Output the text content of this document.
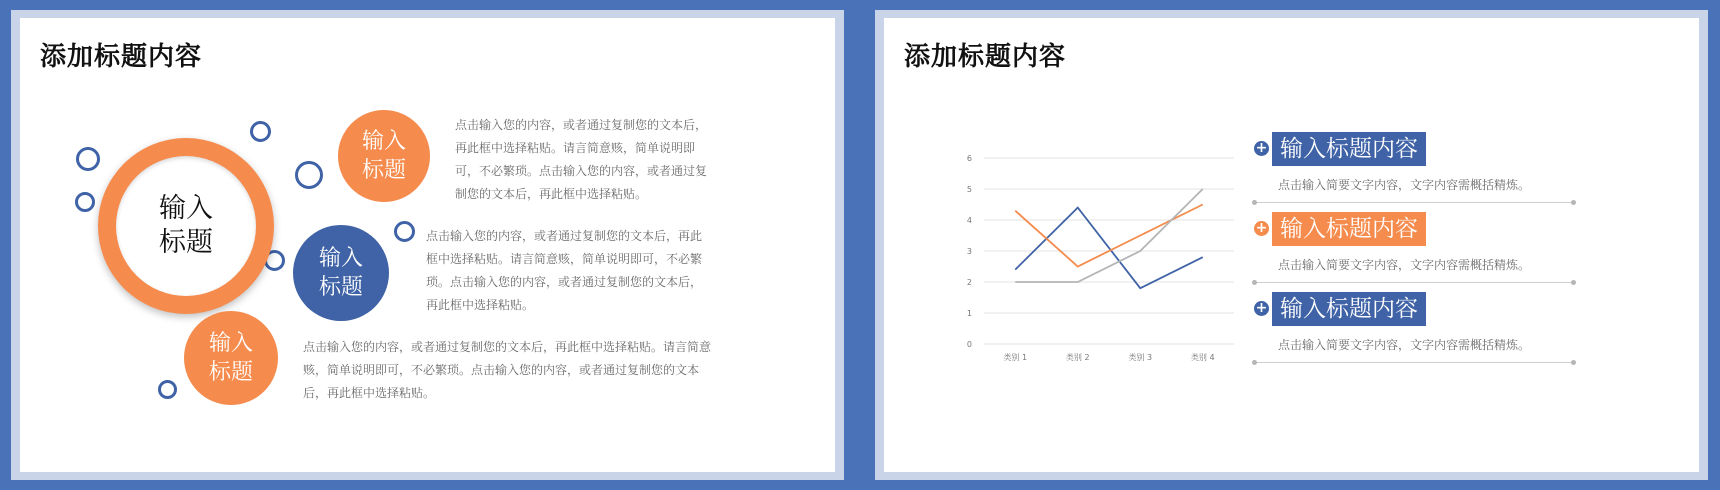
添加标题内容
输入
标题
输入
标题
点击输入您的内容，或者通过复制您的文本后，再此框中选择粘贴。请言简意赅，简单说明即可，不必繁琐。点击输入您的内容，或者通过复制您的文本后，再此框中选择粘贴。
输入
标题
点击输入您的内容，或者通过复制您的文本后，再此框中选择粘贴。请言简意赅，简单说明即可，不必繁琐。点击输入您的内容，或者通过复制您的文本后，再此框中选择粘贴。
输入
标题
点击输入您的内容，或者通过复制您的文本后，再此框中选择粘贴。请言简意赅，简单说明即可，不必繁琐。点击输入您的内容，或者通过复制您的文本后，再此框中选择粘贴。
添加标题内容
0
1
2
3
4
5
6
类别 1	类别 2	类别 3	类别 4
+ 输入标题内容
点击输入简要文字内容，文字内容需概括精炼。
+ 输入标题内容
点击输入简要文字内容，文字内容需概括精炼。
+ 输入标题内容
点击输入简要文字内容，文字内容需概括精炼。
